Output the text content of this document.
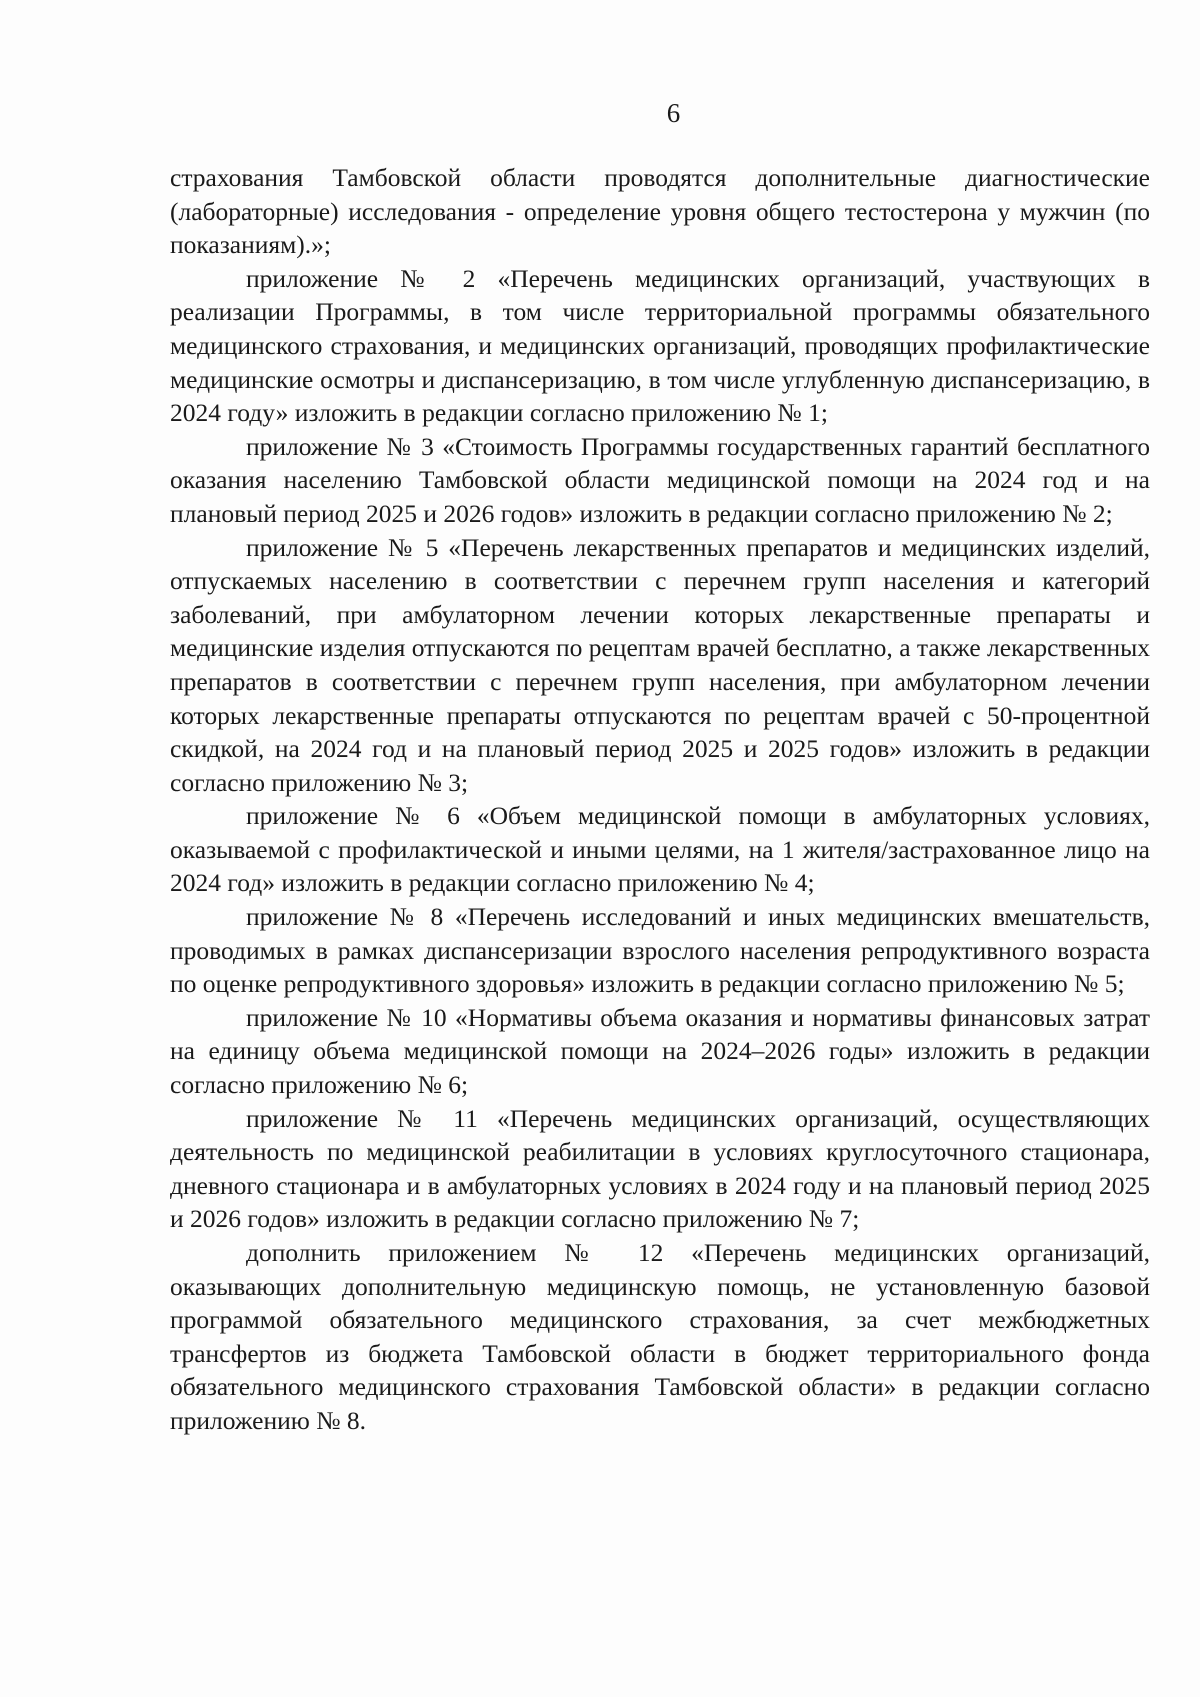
6

страхования Тамбовской области проводятся дополнительные диагностические (лабораторные) исследования - определение уровня общего тестостерона у мужчин (по показаниям).»;

приложение № 2 «Перечень медицинских организаций, участвующих в реализации Программы, в том числе территориальной программы обязательного медицинского страхования, и медицинских организаций, проводящих профилактические медицинские осмотры и диспансеризацию, в том числе углубленную диспансеризацию, в 2024 году» изложить в редакции согласно приложению № 1;

приложение № 3 «Стоимость Программы государственных гарантий бесплатного оказания населению Тамбовской области медицинской помощи на 2024 год и на плановый период 2025 и 2026 годов» изложить в редакции согласно приложению № 2;

приложение № 5 «Перечень лекарственных препаратов и медицинских изделий, отпускаемых населению в соответствии с перечнем групп населения и категорий заболеваний, при амбулаторном лечении которых лекарственные препараты и медицинские изделия отпускаются по рецептам врачей бесплатно, а также лекарственных препаратов в соответствии с перечнем групп населения, при амбулаторном лечении которых лекарственные препараты отпускаются по рецептам врачей с 50-процентной скидкой, на 2024 год и на плановый период 2025 и 2025 годов» изложить в редакции согласно приложению № 3;

приложение № 6 «Объем медицинской помощи в амбулаторных условиях, оказываемой с профилактической и иными целями, на 1 жителя/застрахованное лицо на 2024 год» изложить в редакции согласно приложению № 4;

приложение № 8 «Перечень исследований и иных медицинских вмешательств, проводимых в рамках диспансеризации взрослого населения репродуктивного возраста по оценке репродуктивного здоровья» изложить в редакции согласно приложению № 5;

приложение № 10 «Нормативы объема оказания и нормативы финансовых затрат на единицу объема медицинской помощи на 2024–2026 годы» изложить в редакции согласно приложению № 6;

приложение № 11 «Перечень медицинских организаций, осуществляющих деятельность по медицинской реабилитации в условиях круглосуточного стационара, дневного стационара и в амбулаторных условиях в 2024 году и на плановый период 2025 и 2026 годов» изложить в редакции согласно приложению № 7;

дополнить приложением № 12 «Перечень медицинских организаций, оказывающих дополнительную медицинскую помощь, не установленную базовой программой обязательного медицинского страхования, за счет межбюджетных трансфертов из бюджета Тамбовской области в бюджет территориального фонда обязательного медицинского страхования Тамбовской области» в редакции согласно приложению № 8.
